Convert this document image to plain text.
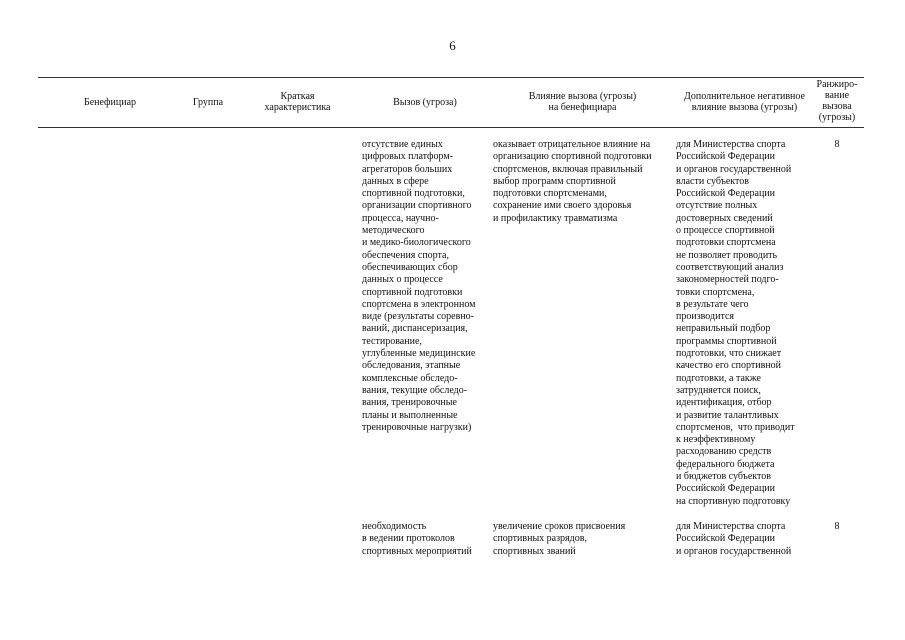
6
Бенефициар	Группа
Краткая
характеристика	Вызов (угроза)
Влияние вызова (угрозы)
на бенефициара
Дополнительное негативное
влияние вызова (угрозы)
Ранжиро-
вание
вызова
(угрозы)
отсутствие единых
цифровых платформ-
агрегаторов больших
данных в сфере
спортивной подготовки,
организации спортивного
процесса, научно-
методического
и медико-биологического
обеспечения спорта,
обеспечивающих сбор
данных о процессе
спортивной подготовки
спортсмена в электронном
виде (результаты соревно-
ваний, диспансеризация,
тестирование,
углубленные медицинские
обследования, этапные
комплексные обследо-
вания, текущие обследо-
вания, тренировочные
планы и выполненные
тренировочные нагрузки)
оказывает отрицательное влияние на
организацию спортивной подготовки
спортсменов, включая правильный
выбор программ спортивной
подготовки спортсменами,
сохранение ими своего здоровья
и профилактику травматизма
для Министерства спорта
Российской Федерации
и органов государственной
власти субъектов
Российской Федерации
отсутствие полных
достоверных сведений
о процессе спортивной
подготовки спортсмена
не позволяет проводить
соответствующий анализ
закономерностей подго-
товки спортсмена,
в результате чего
производится
неправильный подбор
программы спортивной
подготовки, что снижает
качество его спортивной
подготовки, а также
затрудняется поиск,
идентификация, отбор
и развитие талантливых
спортсменов,  что приводит
к неэффективному
расходованию средств
федерального бюджета
и бюджетов субъектов
Российской Федерации
на спортивную подготовку
8
необходимость
в ведении протоколов
спортивных мероприятий
увеличение сроков присвоения
спортивных разрядов,
спортивных званий
для Министерства спорта
Российской Федерации
и органов государственной
8
